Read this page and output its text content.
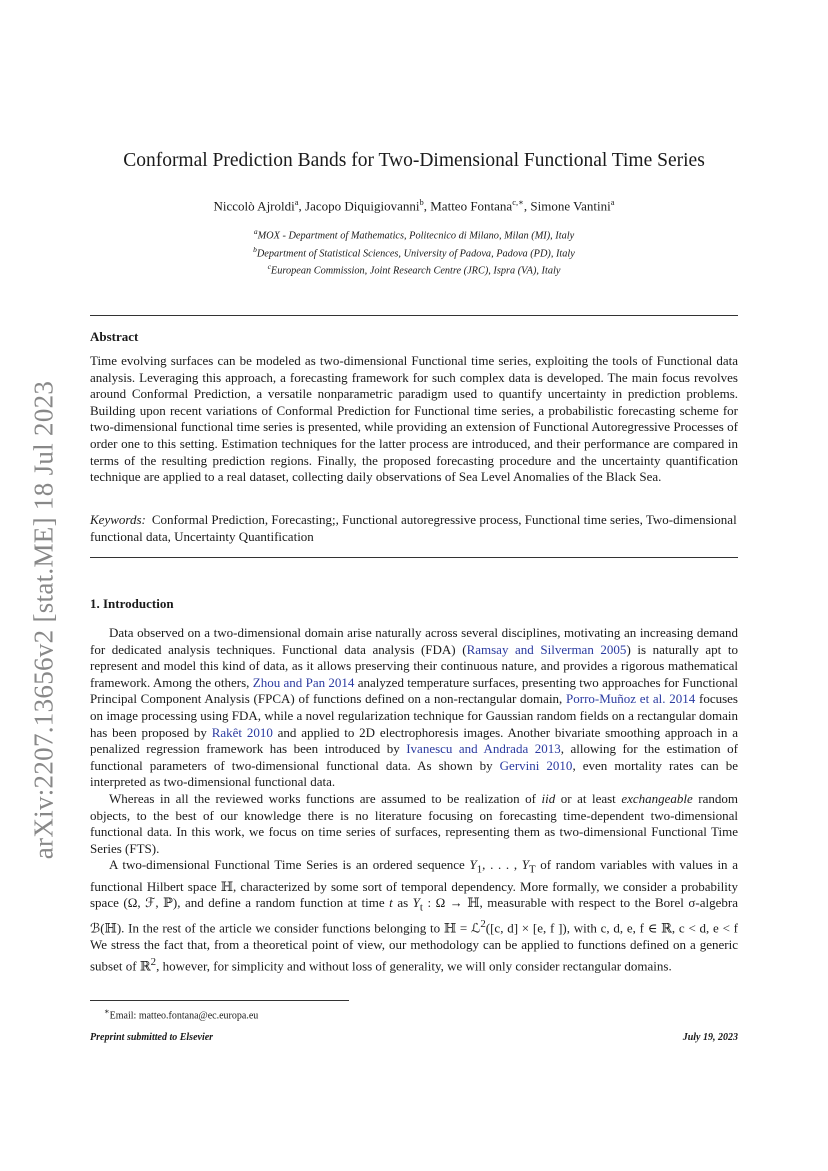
arXiv:2207.13656v2 [stat.ME] 18 Jul 2023
Conformal Prediction Bands for Two-Dimensional Functional Time Series
Niccolò Ajroldi$^a$, Jacopo Diquigiovanni$^b$, Matteo Fontana$^{c,∗}$, Simone Vantini$^a$
$^a$MOX - Department of Mathematics, Politecnico di Milano, Milan (MI), Italy
$^b$Department of Statistical Sciences, University of Padova, Padova (PD), Italy
$^c$European Commission, Joint Research Centre (JRC), Ispra (VA), Italy
Abstract

Time evolving surfaces can be modeled as two-dimensional Functional time series, exploiting the tools of Functional data analysis. Leveraging this approach, a forecasting framework for such complex data is developed. The main focus revolves around Conformal Prediction, a versatile nonparametric paradigm used to quantify uncertainty in prediction problems. Building upon recent variations of Conformal Prediction for Functional time series, a probabilistic forecasting scheme for two-dimensional functional time series is presented, while providing an extension of Functional Autoregressive Processes of order one to this setting. Estimation techniques for the latter process are introduced, and their performance are compared in terms of the resulting prediction regions. Finally, the proposed forecasting procedure and the uncertainty quantification technique are applied to a real dataset, collecting daily observations of Sea Level Anomalies of the Black Sea.

Keywords: Conformal Prediction, Forecasting;, Functional autoregressive process, Functional time series, Two-dimensional functional data, Uncertainty Quantification

1. Introduction

Data observed on a two-dimensional domain arise naturally across several disciplines, motivating an increasing demand for dedicated analysis techniques. Functional data analysis (FDA) (Ramsay and Silverman 2005) is naturally apt to represent and model this kind of data, as it allows preserving their continuous nature, and provides a rigorous mathematical framework. Among the others, Zhou and Pan 2014 analyzed temperature surfaces, presenting two approaches for Functional Principal Component Analysis (FPCA) of functions defined on a non-rectangular domain, Porro-Muñoz et al. 2014 focuses on image processing using FDA, while a novel regularization technique for Gaussian random fields on a rectangular domain has been proposed by Rakêt 2010 and applied to 2D electrophoresis images. Another bivariate smoothing approach in a penalized regression framework has been introduced by Ivanescu and Andrada 2013, allowing for the estimation of functional parameters of two-dimensional functional data. As shown by Gervini 2010, even mortality rates can be interpreted as two-dimensional functional data.

Whereas in all the reviewed works functions are assumed to be realization of iid or at least exchangeable random objects, to the best of our knowledge there is no literature focusing on forecasting time-dependent two-dimensional functional data. In this work, we focus on time series of surfaces, representing them as two-dimensional Functional Time Series (FTS).

A two-dimensional Functional Time Series is an ordered sequence $Y_1$, . . . , $Y_T$ of random variables with values in a functional Hilbert space ℍ, characterized by some sort of temporal dependency. More formally, we consider a probability space (Ω, ℱ, ℙ), and define a random function at time t as $Y_t$ : Ω → ℍ, measurable with respect to the Borel σ-algebra ℬ(ℍ). In the rest of the article we consider functions belonging to ℍ = ℒ$^2$([c, d] × [e, f ]), with c, d, e, f ∈ ℝ, c < d, e < f We stress the fact that, from a theoretical point of view, our methodology can be applied to functions defined on a generic subset of ℝ$^2$, however, for simplicity and without loss of generality, we will only consider rectangular domains.

∗Email: matteo.fontana@ec.europa.eu
Preprint submitted to Elsevier	July 19, 2023
